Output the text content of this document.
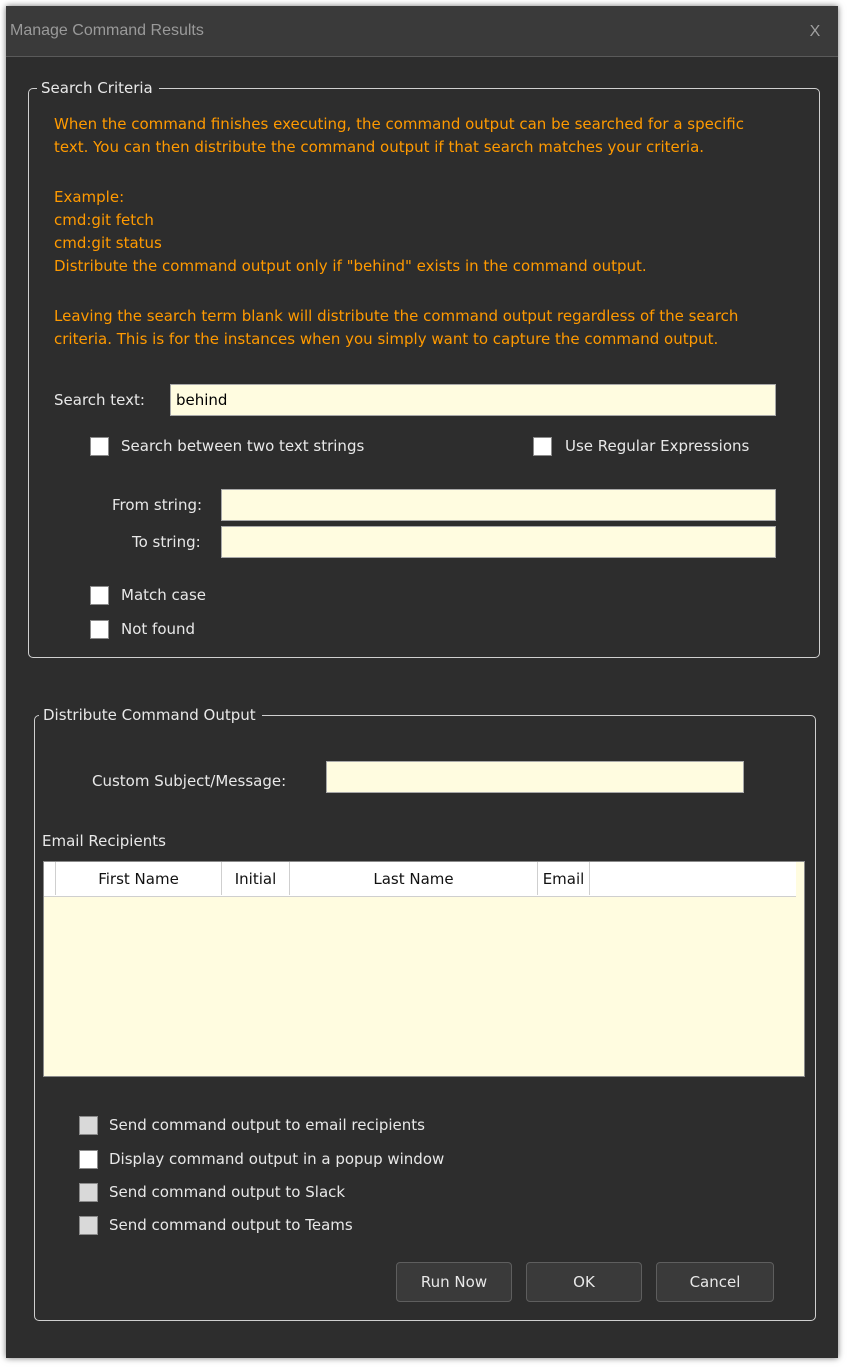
Manage Command Results	X
Search Criteria
When the command finishes executing, the command output can be searched for a specific
text. You can then distribute the command output if that search matches your criteria.
Example:
cmd:git fetch
cmd:git status
Distribute the command output only if "behind" exists in the command output.
Leaving the search term blank will distribute the command output regardless of the search
criteria. This is for the instances when you simply want to capture the command output.
Search text:	behind
Search between two text strings	Use Regular Expressions
From string:
To string:
Match case
Not found
Distribute Command Output
Custom Subject/Message:
Email Recipients
First Name	Initial	Last Name	Email
Send command output to email recipients
Display command output in a popup window
Send command output to Slack
Send command output to Teams
Run Now	OK	Cancel
